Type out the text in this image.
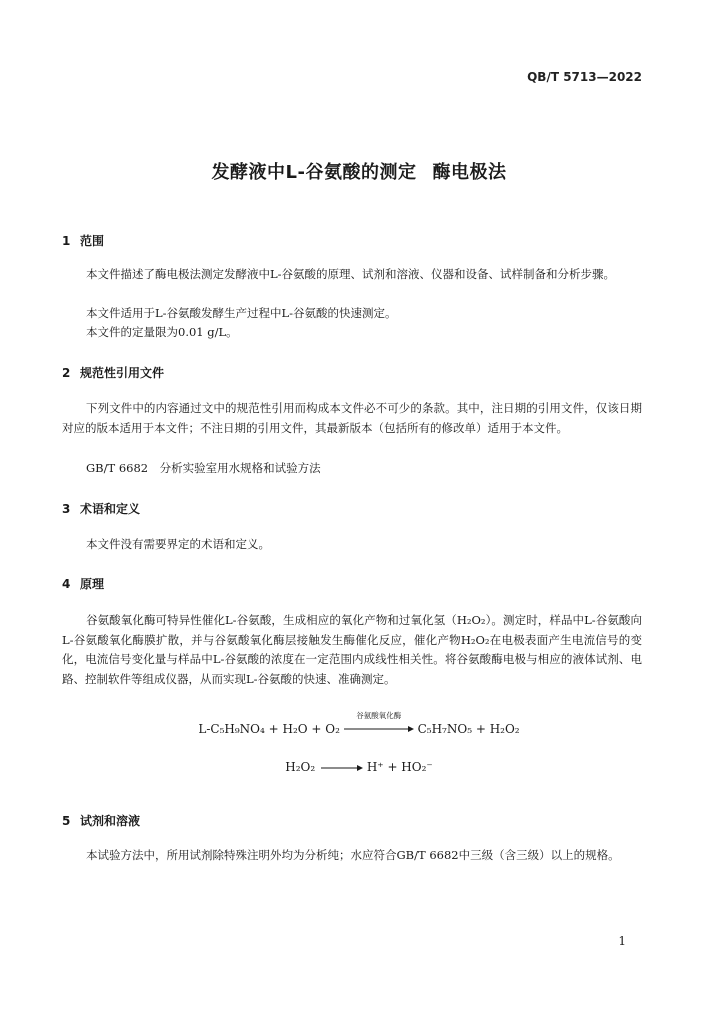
QB/T 5713—2022
发酵液中L-谷氨酸的测定 酶电极法
1 范围
本文件描述了酶电极法测定发酵液中L-谷氨酸的原理、试剂和溶液、仪器和设备、试样制备和分析步骤。
本文件适用于L-谷氨酸发酵生产过程中L-谷氨酸的快速测定。
本文件的定量限为0.01 g/L。
2 规范性引用文件
下列文件中的内容通过文中的规范性引用而构成本文件必不可少的条款。其中，注日期的引用文件，仅该日期对应的版本适用于本文件；不注日期的引用文件，其最新版本（包括所有的修改单）适用于本文件。
GB/T 6682　分析实验室用水规格和试验方法
3 术语和定义
本文件没有需要界定的术语和定义。
4 原理
谷氨酸氧化酶可特异性催化L-谷氨酸，生成相应的氧化产物和过氧化氢（H₂O₂）。测定时，样品中L-谷氨酸向L-谷氨酸氧化酶膜扩散，并与谷氨酸氧化酶层接触发生酶催化反应，催化产物H₂O₂在电极表面产生电流信号的变化，电流信号变化量与样品中L-谷氨酸的浓度在一定范围内成线性相关性。将谷氨酸酶电极与相应的液体试剂、电路、控制软件等组成仪器，从而实现L-谷氨酸的快速、准确测定。
L-C₅H₉NO₄ + H₂O + O₂
谷氨酸氧化酶
C₅H₇NO₅ + H₂O₂
H₂O₂	H⁺ + HO₂⁻
5 试剂和溶液
本试验方法中，所用试剂除特殊注明外均为分析纯；水应符合GB/T 6682中三级（含三级）以上的规格。
1
